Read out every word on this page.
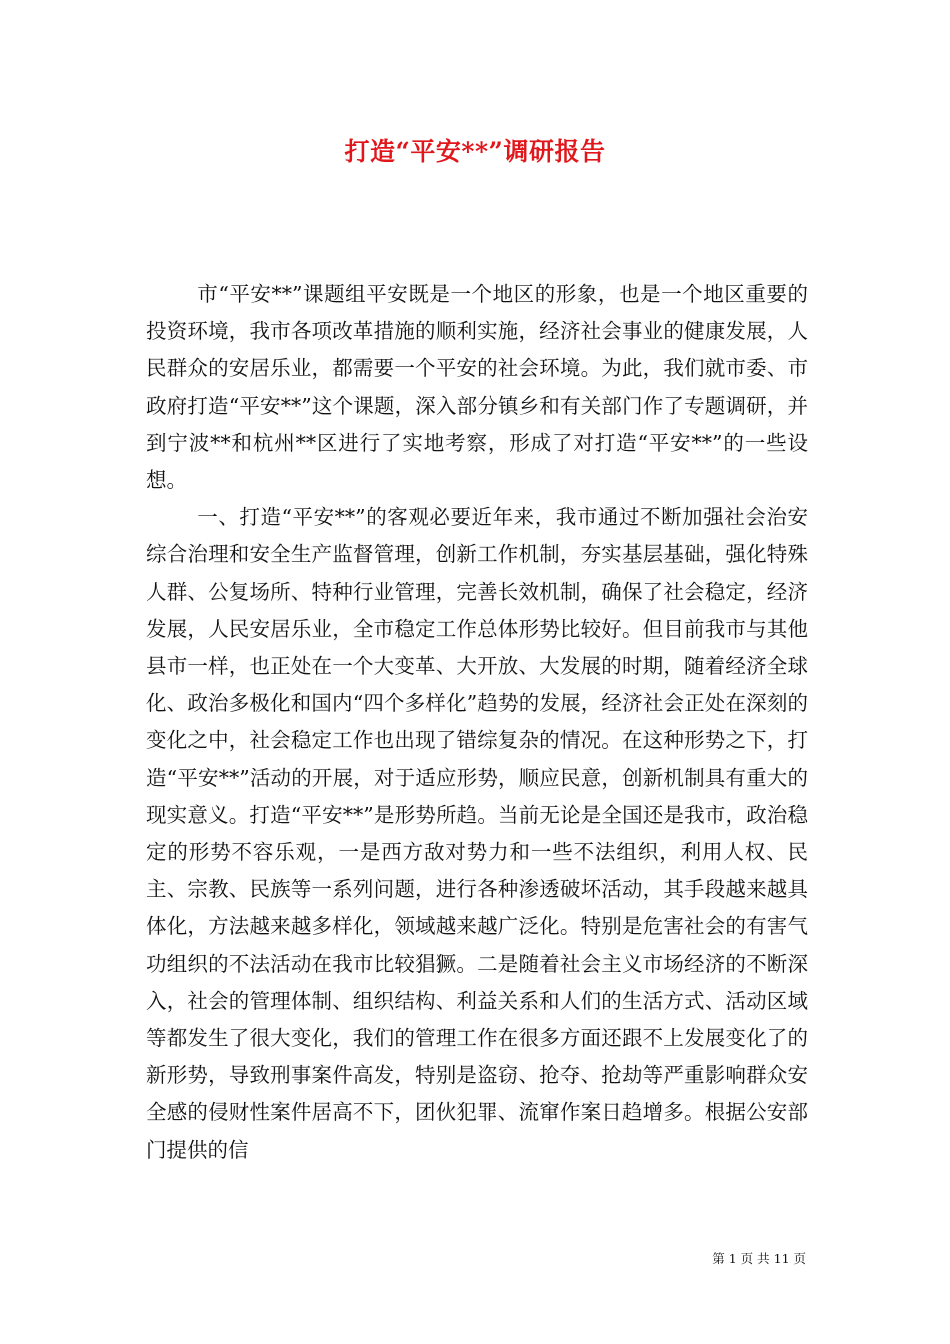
打造“平安**”调研报告

市“平安**”课题组平安既是一个地区的形象，也是一个地区重要的投资环境，我市各项改革措施的顺利实施，经济社会事业的健康发展，人民群众的安居乐业，都需要一个平安的社会环境。为此，我们就市委、市政府打造“平安**”这个课题，深入部分镇乡和有关部门作了专题调研，并到宁波**和杭州**区进行了实地考察，形成了对打造“平安**”的一些设想。

一、打造“平安**”的客观必要近年来，我市通过不断加强社会治安综合治理和安全生产监督管理，创新工作机制，夯实基层基础，强化特殊人群、公复场所、特种行业管理，完善长效机制，确保了社会稳定，经济发展，人民安居乐业，全市稳定工作总体形势比较好。但目前我市与其他县市一样，也正处在一个大变革、大开放、大发展的时期，随着经济全球化、政治多极化和国内“四个多样化”趋势的发展，经济社会正处在深刻的变化之中，社会稳定工作也出现了错综复杂的情况。在这种形势之下，打造“平安**”活动的开展，对于适应形势，顺应民意，创新机制具有重大的现实意义。打造“平安**”是形势所趋。当前无论是全国还是我市，政治稳定的形势不容乐观，一是西方敌对势力和一些不法组织，利用人权、民主、宗教、民族等一系列问题，进行各种渗透破坏活动，其手段越来越具体化，方法越来越多样化，领域越来越广泛化。特别是危害社会的有害气功组织的不法活动在我市比较猖獗。二是随着社会主义市场经济的不断深入，社会的管理体制、组织结构、利益关系和人们的生活方式、活动区域等都发生了很大变化，我们的管理工作在很多方面还跟不上发展变化了的新形势，导致刑事案件高发，特别是盗窃、抢夺、抢劫等严重影响群众安全感的侵财性案件居高不下，团伙犯罪、流窜作案日趋增多。根据公安部门提供的信

第 1 页 共 11 页
